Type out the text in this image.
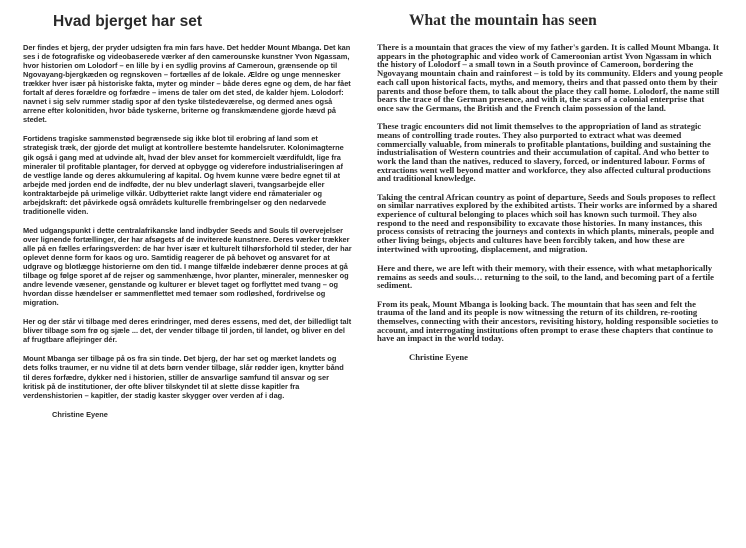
Hvad bjerget har set

Der findes et bjerg, der pryder udsigten fra min fars have. Det hedder Mount Mbanga. Det kan ses i de fotografiske og videobaserede værker af den camerounske kunstner Yvon Ngassam, hvor historien om Lolodorf – en lille by i en sydlig provins af Cameroun, grænsende op til Ngovayang-bjergkæden og regnskoven – fortælles af de lokale. Ældre og unge mennesker trækker hver især på historiske fakta, myter og minder – både deres egne og dem, de har fået fortalt af deres forældre og forfædre – imens de taler om det sted, de kalder hjem. Lolodorf: navnet i sig selv rummer stadig spor af den tyske tilstedeværelse, og dermed anes også arrene efter kolonitiden, hvor både tyskerne, briterne og franskmændene gjorde hævd på stedet.

Fortidens tragiske sammenstød begrænsede sig ikke blot til erobring af land som et strategisk træk, der gjorde det muligt at kontrollere bestemte handelsruter. Kolonimagterne gik også i gang med at udvinde alt, hvad der blev anset for kommercielt værdifuldt, lige fra mineraler til profitable plantager, for derved at opbygge og viderefore industrialiseringen af de vestlige lande og deres akkumulering af kapital. Og hvem kunne være bedre egnet til at arbejde med jorden end de indfødte, der nu blev underlagt slaveri, tvangsarbejde eller kontraktarbejde på urimelige vilkår. Udbytteriet rakte langt videre end råmaterialer og arbejdskraft: det påvirkede også områdets kulturelle frembringelser og den nedarvede traditionelle viden.

Med udgangspunkt i dette centralafrikanske land indbyder Seeds and Souls til overvejelser over lignende fortællinger, der har afsøgets af de inviterede kunstnere. Deres værker trækker alle på en fælles erfaringsverden: de har hver især et kulturelt tilhørsforhold til steder, der har oplevet denne form for kaos og uro. Samtidig reagerer de på behovet og ansvaret for at udgrave og blotlægge historierne om den tid. I mange tilfælde indebærer denne proces at gå tilbage og følge sporet af de rejser og sammenhænge, hvor planter, mineraler, mennesker og andre levende væsener, genstande og kulturer er blevet taget og forflyttet med tvang – og hvordan disse hændelser er sammenflettet med temaer som rodløshed, fordrivelse og migration.

Her og der står vi tilbage med deres erindringer, med deres essens, med det, der billedligt talt bliver tilbage som frø og sjæle ... det, der vender tilbage til jorden, til landet, og bliver en del af frugtbare aflejringer dér.

Mount Mbanga ser tilbage på os fra sin tinde. Det bjerg, der har set og mærket landets og dets folks traumer, er nu vidne til at dets børn vender tilbage, slår rødder igen, knytter bånd til deres forfædre, dykker ned i historien, stiller de ansvarlige samfund til ansvar og ser kritisk på de institutioner, der ofte bliver tilskyndet til at slette disse kapitler fra verdenshistorien – kapitler, der stadig kaster skygger over verden af i dag.

Christine Eyene

What the mountain has seen

There is a mountain that graces the view of my father's garden. It is called Mount Mbanga. It appears in the photographic and video work of Cameroonian artist Yvon Ngassam in which the history of Lolodorf – a small town in a South province of Cameroon, bordering the Ngovayang mountain chain and rainforest – is told by its community. Elders and young people each call upon historical facts, myths, and memory, theirs and that passed onto them by their parents and those before them, to talk about the place they call home. Lolodorf, the name still bears the trace of the German presence, and with it, the scars of a colonial enterprise that once saw the Germans, the British and the French claim possession of the land.

These tragic encounters did not limit themselves to the appropriation of land as strategic means of controlling trade routes. They also purported to extract what was deemed commercially valuable, from minerals to profitable plantations, building and sustaining the industrialisation of Western countries and their accumulation of capital. And who better to work the land than the natives, reduced to slavery, forced, or indentured labour. Forms of extractions went well beyond matter and workforce, they also affected cultural productions and traditional knowledge.

Taking the central African country as point of departure, Seeds and Souls proposes to reflect on similar narratives explored by the exhibited artists. Their works are informed by a shared experience of cultural belonging to places which soil has known such turmoil. They also respond to the need and responsibility to excavate those histories. In many instances, this process consists of retracing the journeys and contexts in which plants, minerals, people and other living beings, objects and cultures have been forcibly taken, and how these are intertwined with uprooting, displacement, and migration.

Here and there, we are left with their memory, with their essence, with what metaphorically remains as seeds and souls… returning to the soil, to the land, and becoming part of a fertile sediment.

From its peak, Mount Mbanga is looking back. The mountain that has seen and felt the trauma of the land and its people is now witnessing the return of its children, re-rooting themselves, connecting with their ancestors, revisiting history, holding responsible societies to account, and interrogating institutions often prompt to erase these chapters that continue to have an impact in the world today.

Christine Eyene
